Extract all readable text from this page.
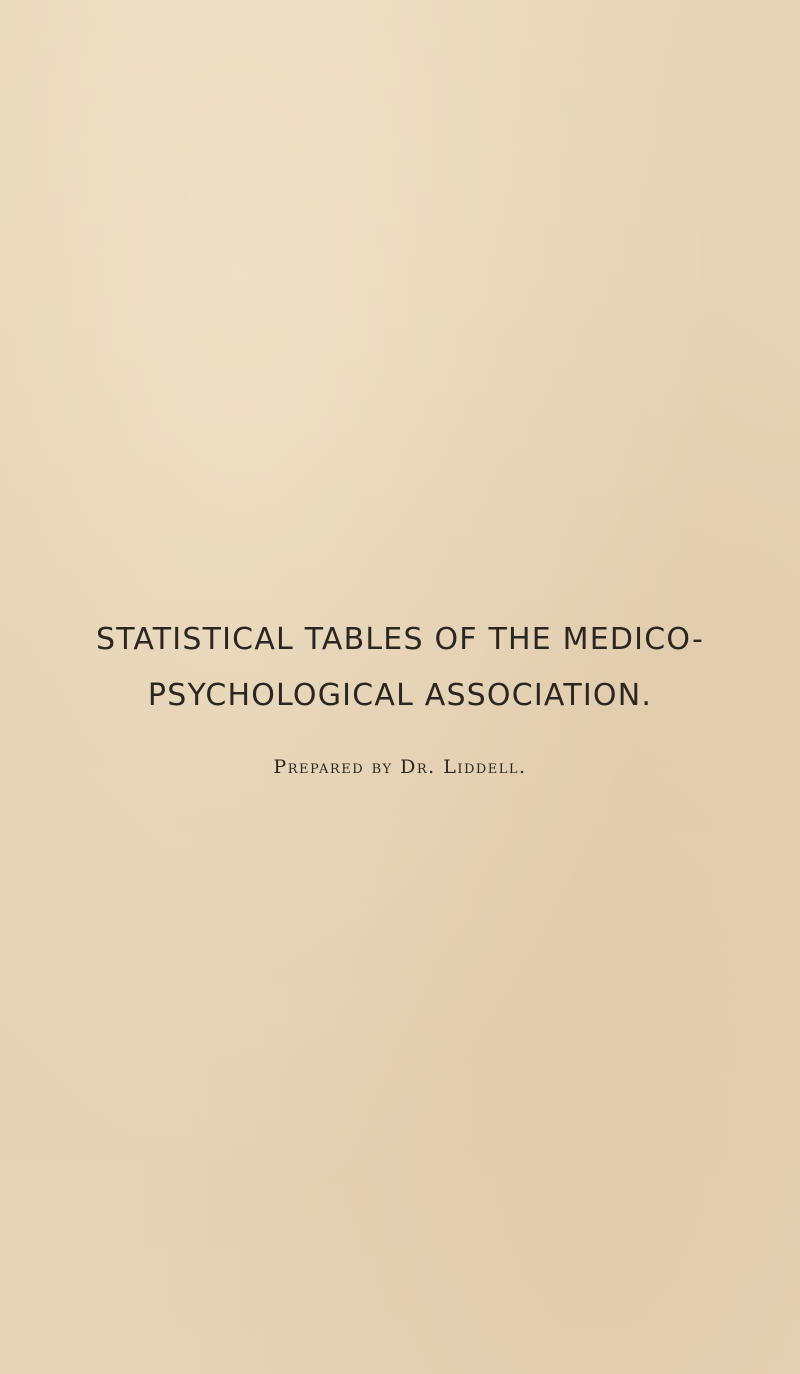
STATISTICAL TABLES OF THE MEDICO-
PSYCHOLOGICAL ASSOCIATION.

Prepared by Dr. Liddell.
